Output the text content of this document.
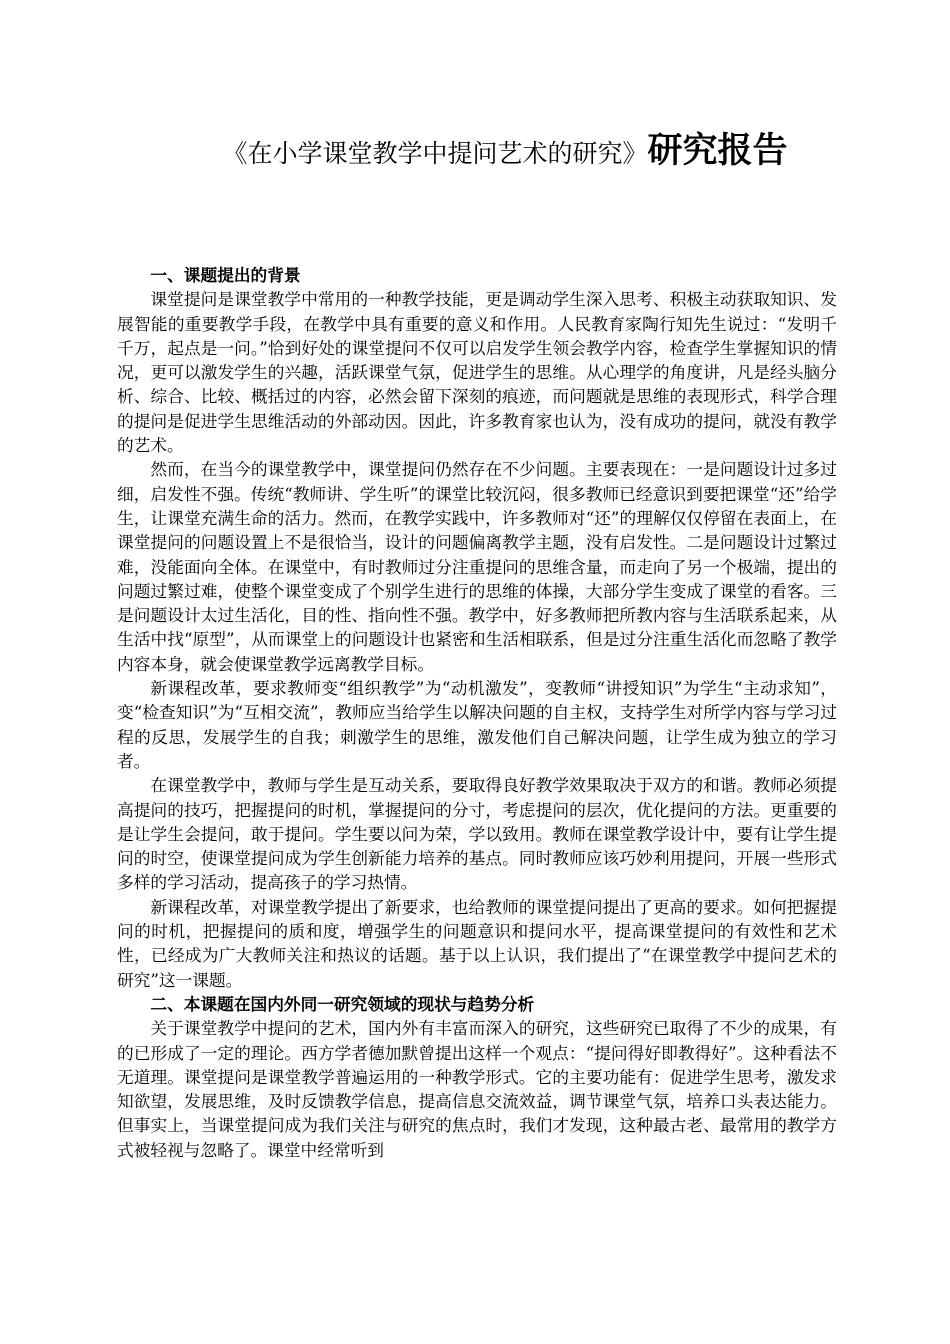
《在小学课堂教学中提问艺术的研究》研究报告
一、课题提出的背景

课堂提问是课堂教学中常用的一种教学技能，更是调动学生深入思考、积极主动获取知识、发展智能的重要教学手段，在教学中具有重要的意义和作用。人民教育家陶行知先生说过：“发明千千万，起点是一问。”恰到好处的课堂提问不仅可以启发学生领会教学内容，检查学生掌握知识的情况，更可以激发学生的兴趣，活跃课堂气氛，促进学生的思维。从心理学的角度讲，凡是经头脑分析、综合、比较、概括过的内容，必然会留下深刻的痕迹，而问题就是思维的表现形式，科学合理的提问是促进学生思维活动的外部动因。因此，许多教育家也认为，没有成功的提问，就没有教学的艺术。

然而，在当今的课堂教学中，课堂提问仍然存在不少问题。主要表现在：一是问题设计过多过细，启发性不强。传统“教师讲、学生听”的课堂比较沉闷，很多教师已经意识到要把课堂“还”给学生，让课堂充满生命的活力。然而，在教学实践中，许多教师对“还”的理解仅仅停留在表面上，在课堂提问的问题设置上不是很恰当，设计的问题偏离教学主题，没有启发性。二是问题设计过繁过难，没能面向全体。在课堂中，有时教师过分注重提问的思维含量，而走向了另一个极端，提出的问题过繁过难，使整个课堂变成了个别学生进行的思维的体操，大部分学生变成了课堂的看客。三是问题设计太过生活化，目的性、指向性不强。教学中，好多教师把所教内容与生活联系起来，从生活中找“原型”，从而课堂上的问题设计也紧密和生活相联系，但是过分注重生活化而忽略了教学内容本身，就会使课堂教学远离教学目标。

新课程改革，要求教师变“组织教学”为“动机激发”，变教师“讲授知识”为学生“主动求知”，变“检查知识”为“互相交流”，教师应当给学生以解决问题的自主权，支持学生对所学内容与学习过程的反思，发展学生的自我；刺激学生的思维，激发他们自己解决问题，让学生成为独立的学习者。

在课堂教学中，教师与学生是互动关系，要取得良好教学效果取决于双方的和谐。教师必须提高提问的技巧，把握提问的时机，掌握提问的分寸，考虑提问的层次，优化提问的方法。更重要的是让学生会提问，敢于提问。学生要以问为荣，学以致用。教师在课堂教学设计中，要有让学生提问的时空，使课堂提问成为学生创新能力培养的基点。同时教师应该巧妙利用提问，开展一些形式多样的学习活动，提高孩子的学习热情。

新课程改革，对课堂教学提出了新要求，也给教师的课堂提问提出了更高的要求。如何把握提问的时机，把握提问的质和度，增强学生的问题意识和提问水平，提高课堂提问的有效性和艺术性，已经成为广大教师关注和热议的话题。基于以上认识，我们提出了“在课堂教学中提问艺术的研究”这一课题。

二、本课题在国内外同一研究领域的现状与趋势分析

关于课堂教学中提问的艺术，国内外有丰富而深入的研究，这些研究已取得了不少的成果，有的已形成了一定的理论。西方学者德加默曾提出这样一个观点：“提问得好即教得好”。这种看法不无道理。课堂提问是课堂教学普遍运用的一种教学形式。它的主要功能有：促进学生思考，激发求知欲望，发展思维，及时反馈教学信息，提高信息交流效益，调节课堂气氛，培养口头表达能力。但事实上，当课堂提问成为我们关注与研究的焦点时，我们才发现，这种最古老、最常用的教学方式被轻视与忽略了。课堂中经常听到
